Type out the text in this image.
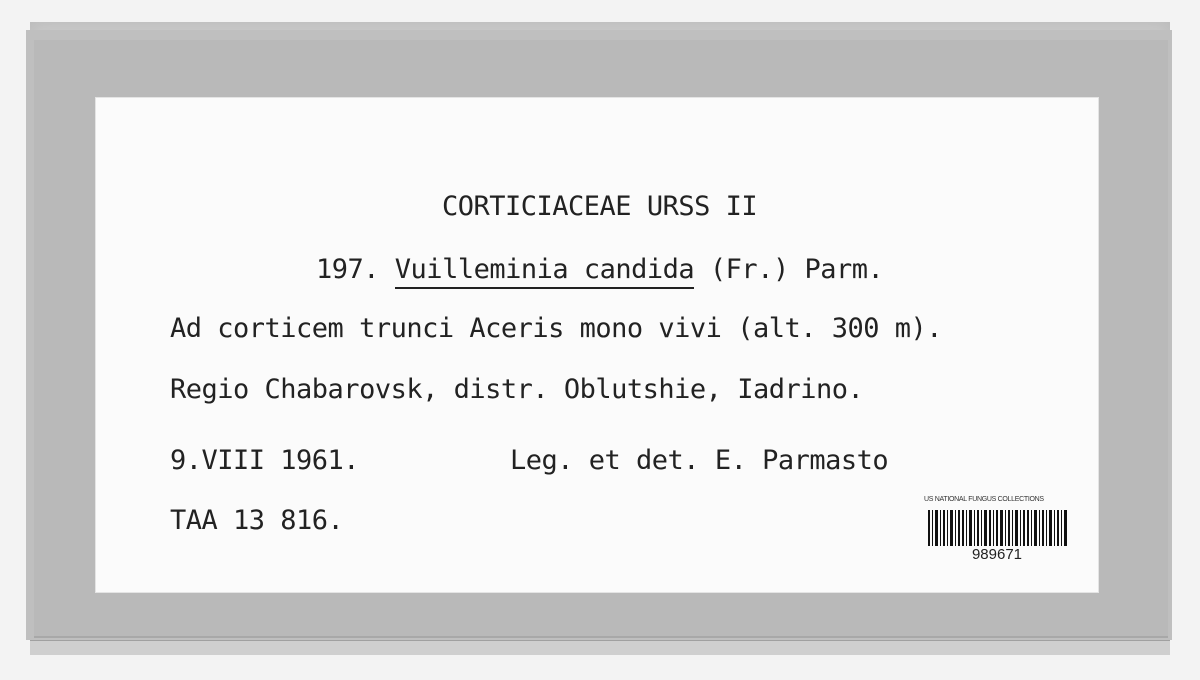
CORTICIACEAE URSS II
197. Vuilleminia candida (Fr.) Parm.
Ad corticem trunci Aceris mono vivi (alt. 300 m).
Regio Chabarovsk, distr. Oblutshie, Iadrino.
9.VIII 1961.	Leg. et det. E. Parmasto
TAA 13 816.
US NATIONAL FUNGUS COLLECTIONS
989671
